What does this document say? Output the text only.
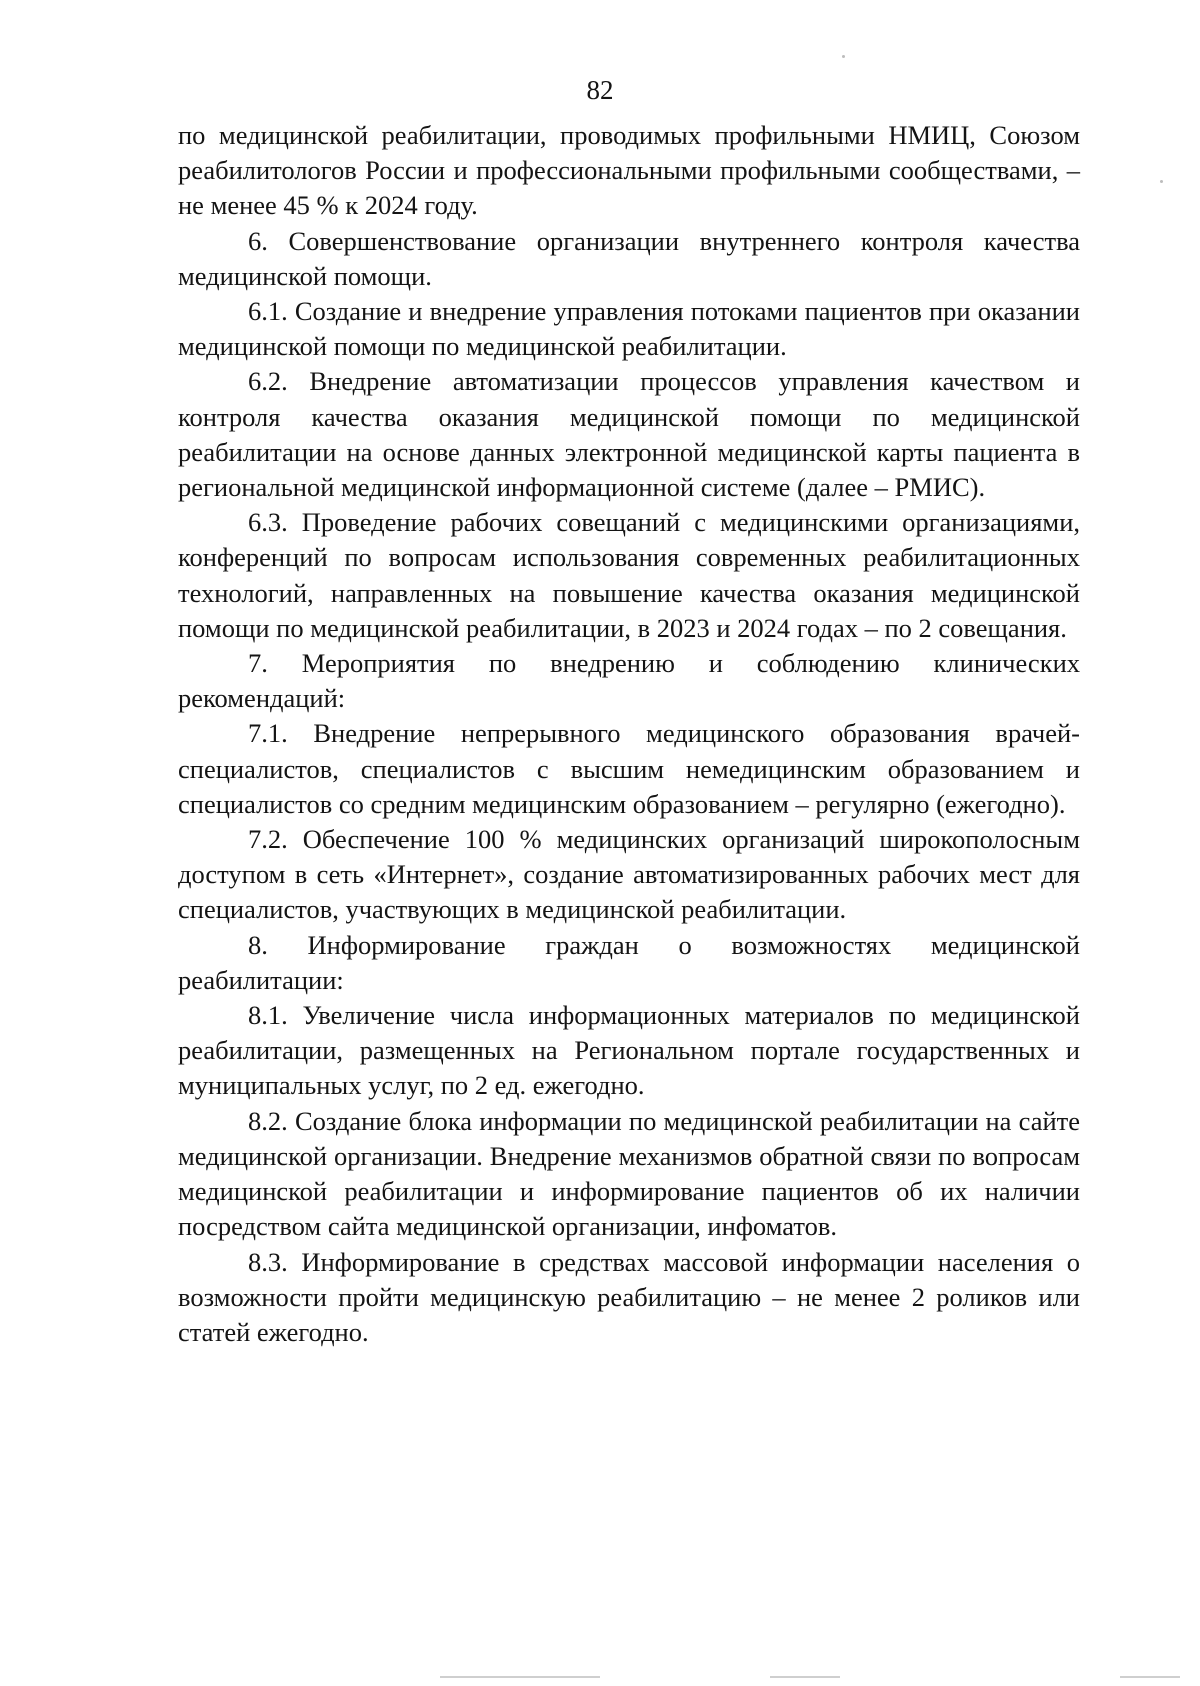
82

по медицинской реабилитации, проводимых профильными НМИЦ, Союзом реабилитологов России и профессиональными профильными сообществами, – не менее 45 % к 2024 году.

6. Совершенствование организации внутреннего контроля качества медицинской помощи.

6.1. Создание и внедрение управления потоками пациентов при оказании медицинской помощи по медицинской реабилитации.

6.2. Внедрение автоматизации процессов управления качеством и контроля качества оказания медицинской помощи по медицинской реабилитации на основе данных электронной медицинской карты пациента в региональной медицинской информационной системе (далее – РМИС).

6.3. Проведение рабочих совещаний с медицинскими организациями, конференций по вопросам использования современных реабилитационных технологий, направленных на повышение качества оказания медицинской помощи по медицинской реабилитации, в 2023 и 2024 годах – по 2 совещания.

7. Мероприятия по внедрению и соблюдению клинических рекомендаций:

7.1. Внедрение непрерывного медицинского образования врачей-специалистов, специалистов с высшим немедицинским образованием и специалистов со средним медицинским образованием – регулярно (ежегодно).

7.2. Обеспечение 100 % медицинских организаций широкополосным доступом в сеть «Интернет», создание автоматизированных рабочих мест для специалистов, участвующих в медицинской реабилитации.

8. Информирование граждан о возможностях медицинской реабилитации:

8.1. Увеличение числа информационных материалов по медицинской реабилитации, размещенных на Региональном портале государственных и муниципальных услуг, по 2 ед. ежегодно.

8.2. Создание блока информации по медицинской реабилитации на сайте медицинской организации. Внедрение механизмов обратной связи по вопросам медицинской реабилитации и информирование пациентов об их наличии посредством сайта медицинской организации, инфоматов.

8.3. Информирование в средствах массовой информации населения о возможности пройти медицинскую реабилитацию – не менее 2 роликов или статей ежегодно.
